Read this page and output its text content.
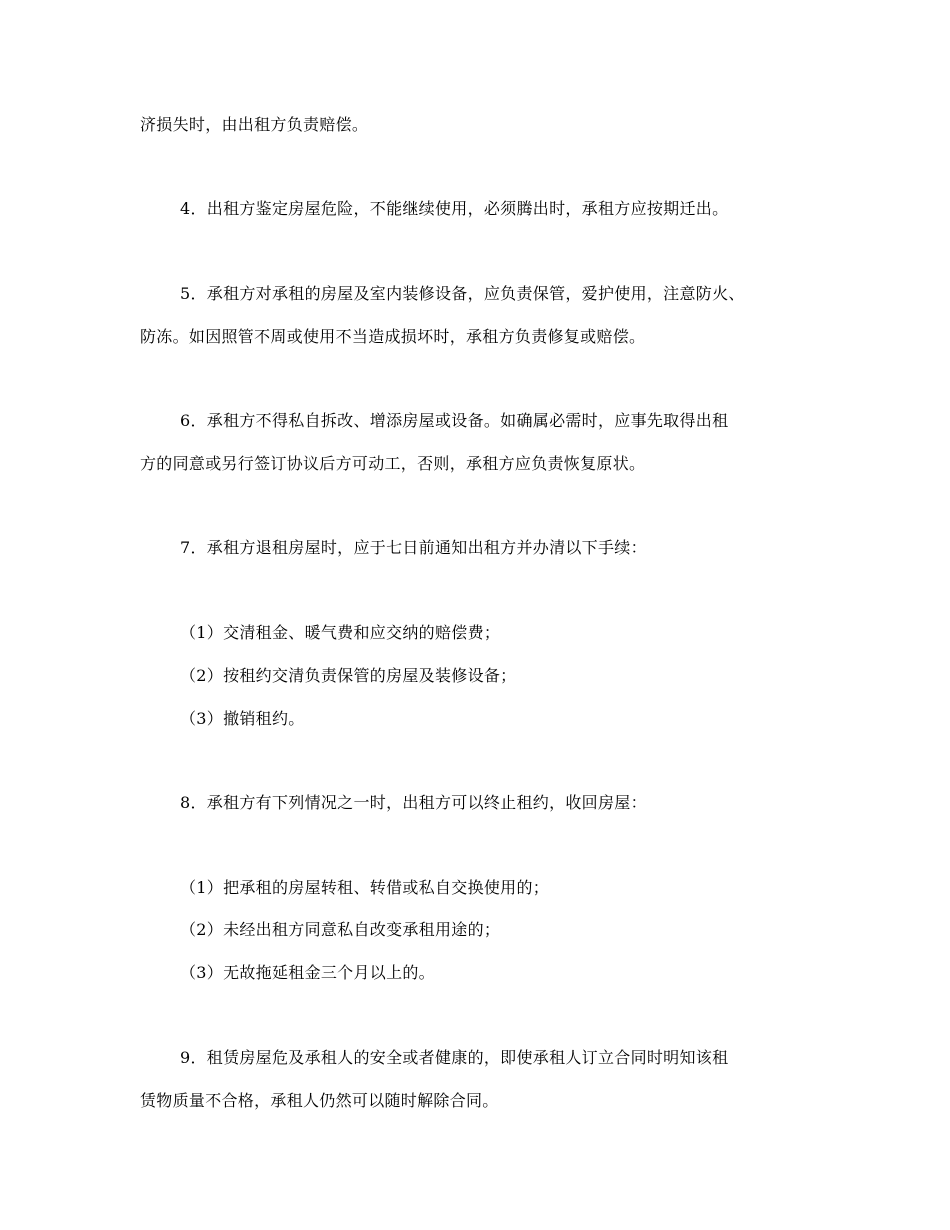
济损失时，由出租方负责赔偿。
4．出租方鉴定房屋危险，不能继续使用，必须腾出时，承租方应按期迁出。
5．承租方对承租的房屋及室内装修设备，应负责保管，爱护使用，注意防火、
防冻。如因照管不周或使用不当造成损坏时，承租方负责修复或赔偿。
6．承租方不得私自拆改、增添房屋或设备。如确属必需时，应事先取得出租
方的同意或另行签订协议后方可动工，否则，承租方应负责恢复原状。
7．承租方退租房屋时，应于七日前通知出租方并办清以下手续：
（1）交清租金、暖气费和应交纳的赔偿费；
（2）按租约交清负责保管的房屋及装修设备；
（3）撤销租约。
8．承租方有下列情况之一时，出租方可以终止租约，收回房屋：
（1）把承租的房屋转租、转借或私自交换使用的；
（2）未经出租方同意私自改变承租用途的；
（3）无故拖延租金三个月以上的。
9．租赁房屋危及承租人的安全或者健康的，即使承租人订立合同时明知该租
赁物质量不合格，承租人仍然可以随时解除合同。
